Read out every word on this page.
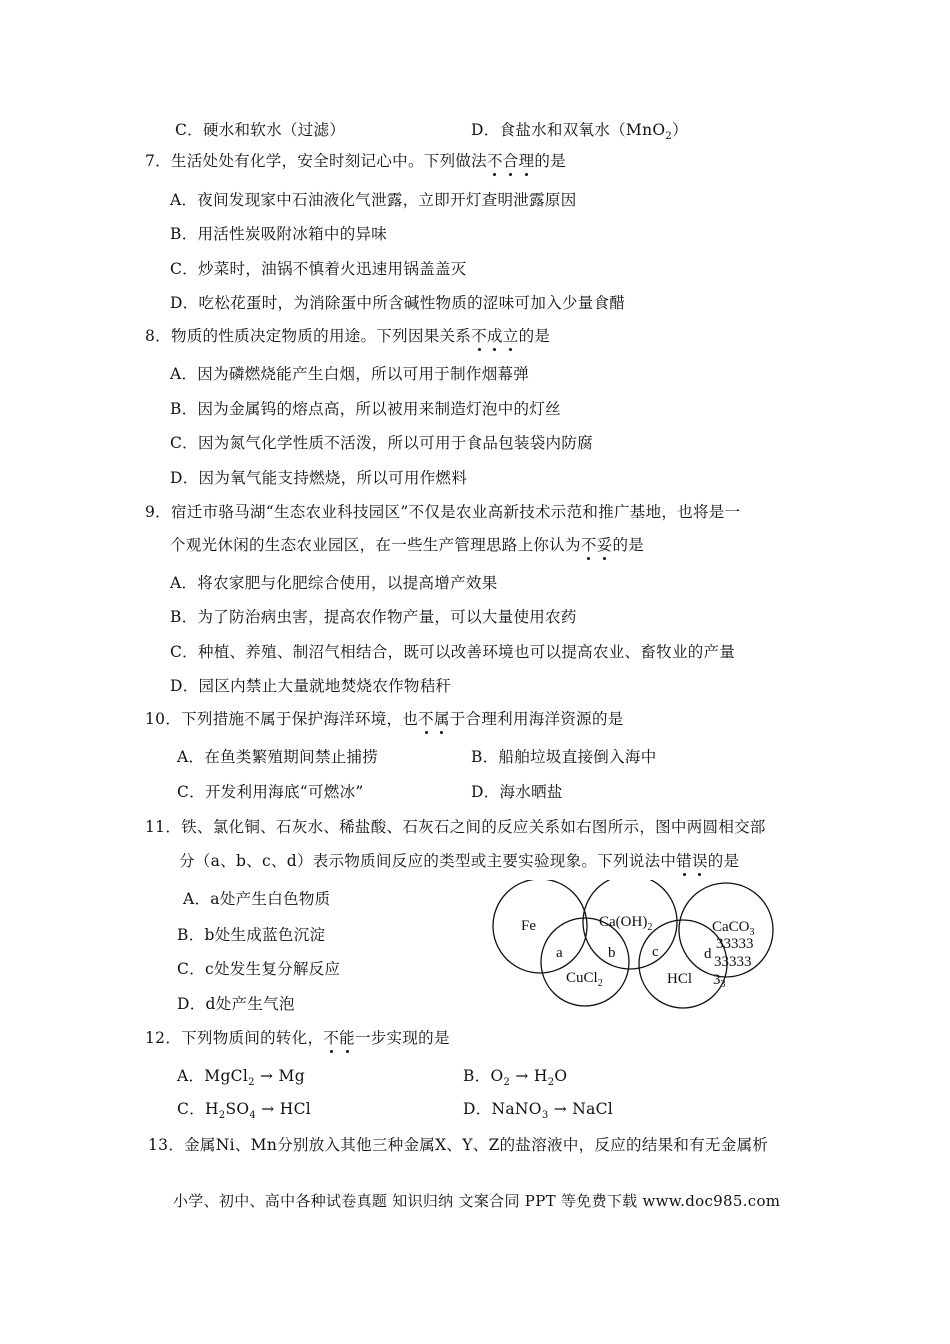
C．硬水和软水（过滤）	D．食盐水和双氧水（MnO$_2$）
7．生活处处有化学，安全时刻记心中。下列做法不合理的是
A．夜间发现家中石油液化气泄露，立即开灯查明泄露原因
B．用活性炭吸附冰箱中的异味
C．炒菜时，油锅不慎着火迅速用锅盖盖灭
D．吃松花蛋时，为消除蛋中所含碱性物质的涩味可加入少量食醋
8．物质的性质决定物质的用途。下列因果关系不成立的是
A．因为磷燃烧能产生白烟，所以可用于制作烟幕弹
B．因为金属钨的熔点高，所以被用来制造灯泡中的灯丝
C．因为氮气化学性质不活泼，所以可用于食品包装袋内防腐
D．因为氧气能支持燃烧，所以可用作燃料
9．宿迁市骆马湖“生态农业科技园区”不仅是农业高新技术示范和推广基地，也将是一
个观光休闲的生态农业园区，在一些生产管理思路上你认为不妥的是
A．将农家肥与化肥综合使用，以提高增产效果
B．为了防治病虫害，提高农作物产量，可以大量使用农药
C．种植、养殖、制沼气相结合，既可以改善环境也可以提高农业、畜牧业的产量
D．园区内禁止大量就地焚烧农作物秸秆
10．下列措施不属于保护海洋环境，也不属于合理利用海洋资源的是
A．在鱼类繁殖期间禁止捕捞	B．船舶垃圾直接倒入海中
C．开发利用海底“可燃冰”	D．海水晒盐
11．铁、氯化铜、石灰水、稀盐酸、石灰石之间的反应关系如右图所示，图中两圆相交部
分（a、b、c、d）表示物质间反应的类型或主要实验现象。下列说法中错误的是
A．a处产生白色物质
B．b处生成蓝色沉淀
C．c处发生复分解反应
D．d处产生气泡
Fe	$Ca(OH)_2$	CaCO$_3$
33333
33333
$3_3$
CuCl$_2$	HCl
a	b c	d
12．下列物质间的转化，不能一步实现的是
A．MgCl$_2$ → Mg	B．$O_2 \to H_2O$
C．$H_2SO_4$ → HCl	D．NaNO$_3$ → NaCl
13．金属Ni、Mn分别放入其他三种金属X、Y、Z的盐溶液中，反应的结果和有无金属析
小学、初中、高中各种试卷真题 知识归纳 文案合同 PPT 等免费下载 www.doc985.com
